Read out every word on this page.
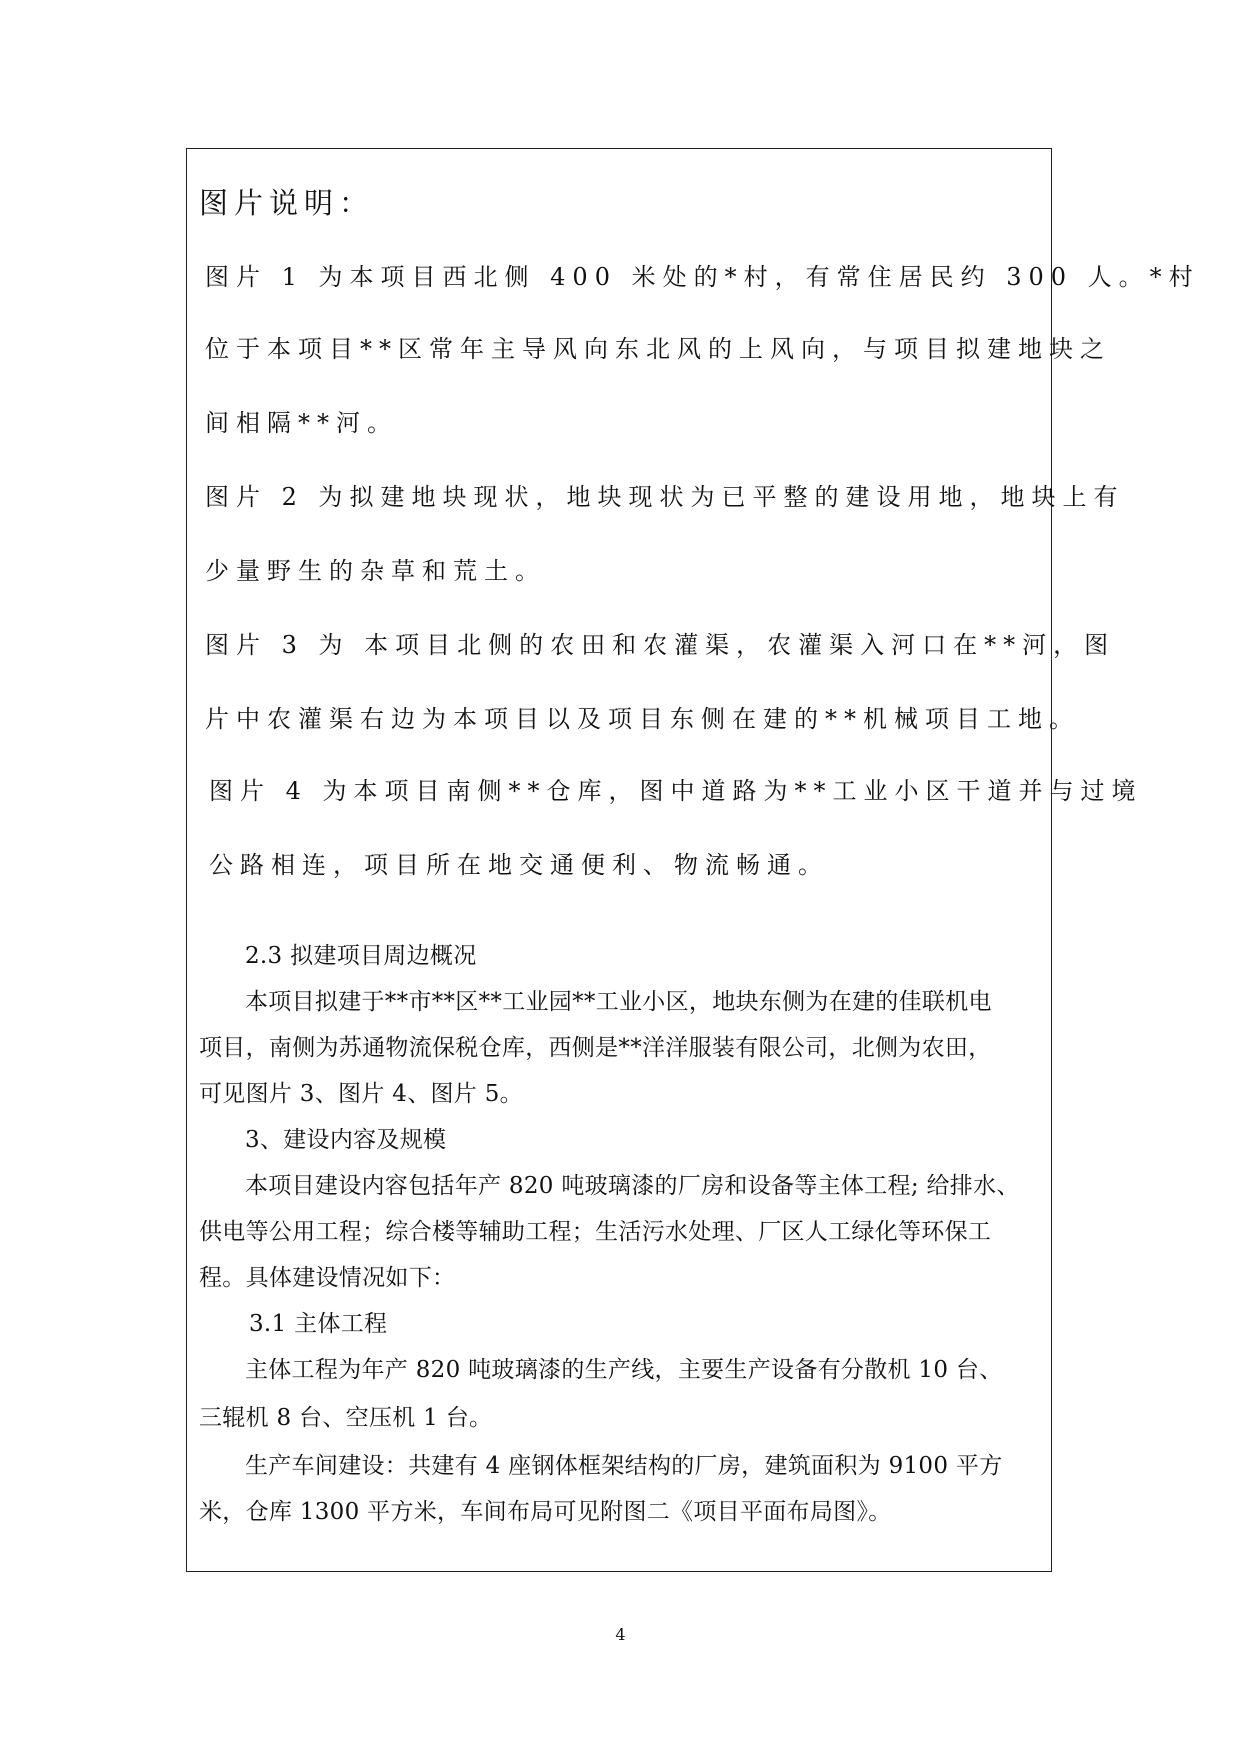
图片说明：
图片 1 为本项目西北侧 400 米处的*村，有常住居民约 300 人。*村
位于本项目**区常年主导风向东北风的上风向，与项目拟建地块之
间相隔**河。
图片 2 为拟建地块现状，地块现状为已平整的建设用地，地块上有
少量野生的杂草和荒土。
图片 3 为 本项目北侧的农田和农灌渠，农灌渠入河口在**河，图
片中农灌渠右边为本项目以及项目东侧在建的**机械项目工地。
图片 4 为本项目南侧**仓库，图中道路为**工业小区干道并与过境
公路相连，项目所在地交通便利、物流畅通。
2.3 拟建项目周边概况
本项目拟建于**市**区**工业园**工业小区，地块东侧为在建的佳联机电
项目，南侧为苏通物流保税仓库，西侧是**洋洋服装有限公司，北侧为农田，
可见图片 3、图片 4、图片 5。
3、建设内容及规模
本项目建设内容包括年产 820 吨玻璃漆的厂房和设备等主体工程; 给排水、
供电等公用工程；综合楼等辅助工程；生活污水处理、厂区人工绿化等环保工
程。具体建设情况如下：
3.1 主体工程
主体工程为年产 820 吨玻璃漆的生产线，主要生产设备有分散机 10 台、
三辊机 8 台、空压机 1 台。
生产车间建设：共建有 4 座钢体框架结构的厂房，建筑面积为 9100 平方
米，仓库 1300 平方米，车间布局可见附图二《项目平面布局图》。
4
